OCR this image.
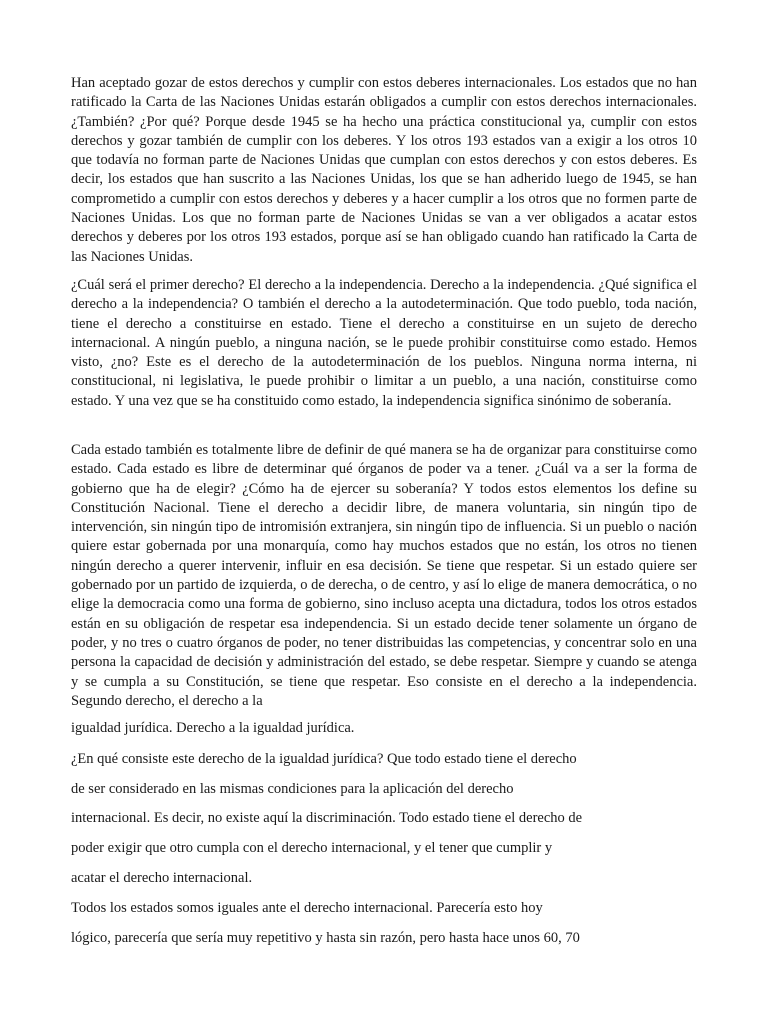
Han aceptado gozar de estos derechos y cumplir con estos deberes internacionales. Los estados que no han ratificado la Carta de las Naciones Unidas estarán obligados a cumplir con estos derechos internacionales. ¿También? ¿Por qué? Porque desde 1945 se ha hecho una práctica constitucional ya, cumplir con estos derechos y gozar también de cumplir con los deberes. Y los otros 193 estados van a exigir a los otros 10 que todavía no forman parte de Naciones Unidas que cumplan con estos derechos y con estos deberes. Es decir, los estados que han suscrito a las Naciones Unidas, los que se han adherido luego de 1945, se han comprometido a cumplir con estos derechos y deberes y a hacer cumplir a los otros que no formen parte de Naciones Unidas. Los que no forman parte de Naciones Unidas se van a ver obligados a acatar estos derechos y deberes por los otros 193 estados, porque así se han obligado cuando han ratificado la Carta de las Naciones Unidas.
¿Cuál será el primer derecho? El derecho a la independencia. Derecho a la independencia. ¿Qué significa el derecho a la independencia? O también el derecho a la autodeterminación. Que todo pueblo, toda nación, tiene el derecho a constituirse en estado. Tiene el derecho a constituirse en un sujeto de derecho internacional. A ningún pueblo, a ninguna nación, se le puede prohibir constituirse como estado. Hemos visto, ¿no? Este es el derecho de la autodeterminación de los pueblos. Ninguna norma interna, ni constitucional, ni legislativa, le puede prohibir o limitar a un pueblo, a una nación, constituirse como estado. Y una vez que se ha constituido como estado, la independencia significa sinónimo de soberanía.
Cada estado también es totalmente libre de definir de qué manera se ha de organizar para constituirse como estado. Cada estado es libre de determinar qué órganos de poder va a tener. ¿Cuál va a ser la forma de gobierno que ha de elegir? ¿Cómo ha de ejercer su soberanía? Y todos estos elementos los define su Constitución Nacional. Tiene el derecho a decidir libre, de manera voluntaria, sin ningún tipo de intervención, sin ningún tipo de intromisión extranjera, sin ningún tipo de influencia. Si un pueblo o nación quiere estar gobernada por una monarquía, como hay muchos estados que no están, los otros no tienen ningún derecho a querer intervenir, influir en esa decisión. Se tiene que respetar. Si un estado quiere ser gobernado por un partido de izquierda, o de derecha, o de centro, y así lo elige de manera democrática, o no elige la democracia como una forma de gobierno, sino incluso acepta una dictadura, todos los otros estados están en su obligación de respetar esa independencia. Si un estado decide tener solamente un órgano de poder, y no tres o cuatro órganos de poder, no tener distribuidas las competencias, y concentrar solo en una persona la capacidad de decisión y administración del estado, se debe respetar. Siempre y cuando se atenga y se cumpla a su Constitución, se tiene que respetar. Eso consiste en el derecho a la independencia. Segundo derecho, el derecho a la
igualdad jurídica. Derecho a la igualdad jurídica.
¿En qué consiste este derecho de la igualdad jurídica? Que todo estado tiene el derecho
de ser considerado en las mismas condiciones para la aplicación del derecho
internacional. Es decir, no existe aquí la discriminación. Todo estado tiene el derecho de
poder exigir que otro cumpla con el derecho internacional, y el tener que cumplir y
acatar el derecho internacional.
Todos los estados somos iguales ante el derecho internacional. Parecería esto hoy
lógico, parecería que sería muy repetitivo y hasta sin razón, pero hasta hace unos 60, 70
